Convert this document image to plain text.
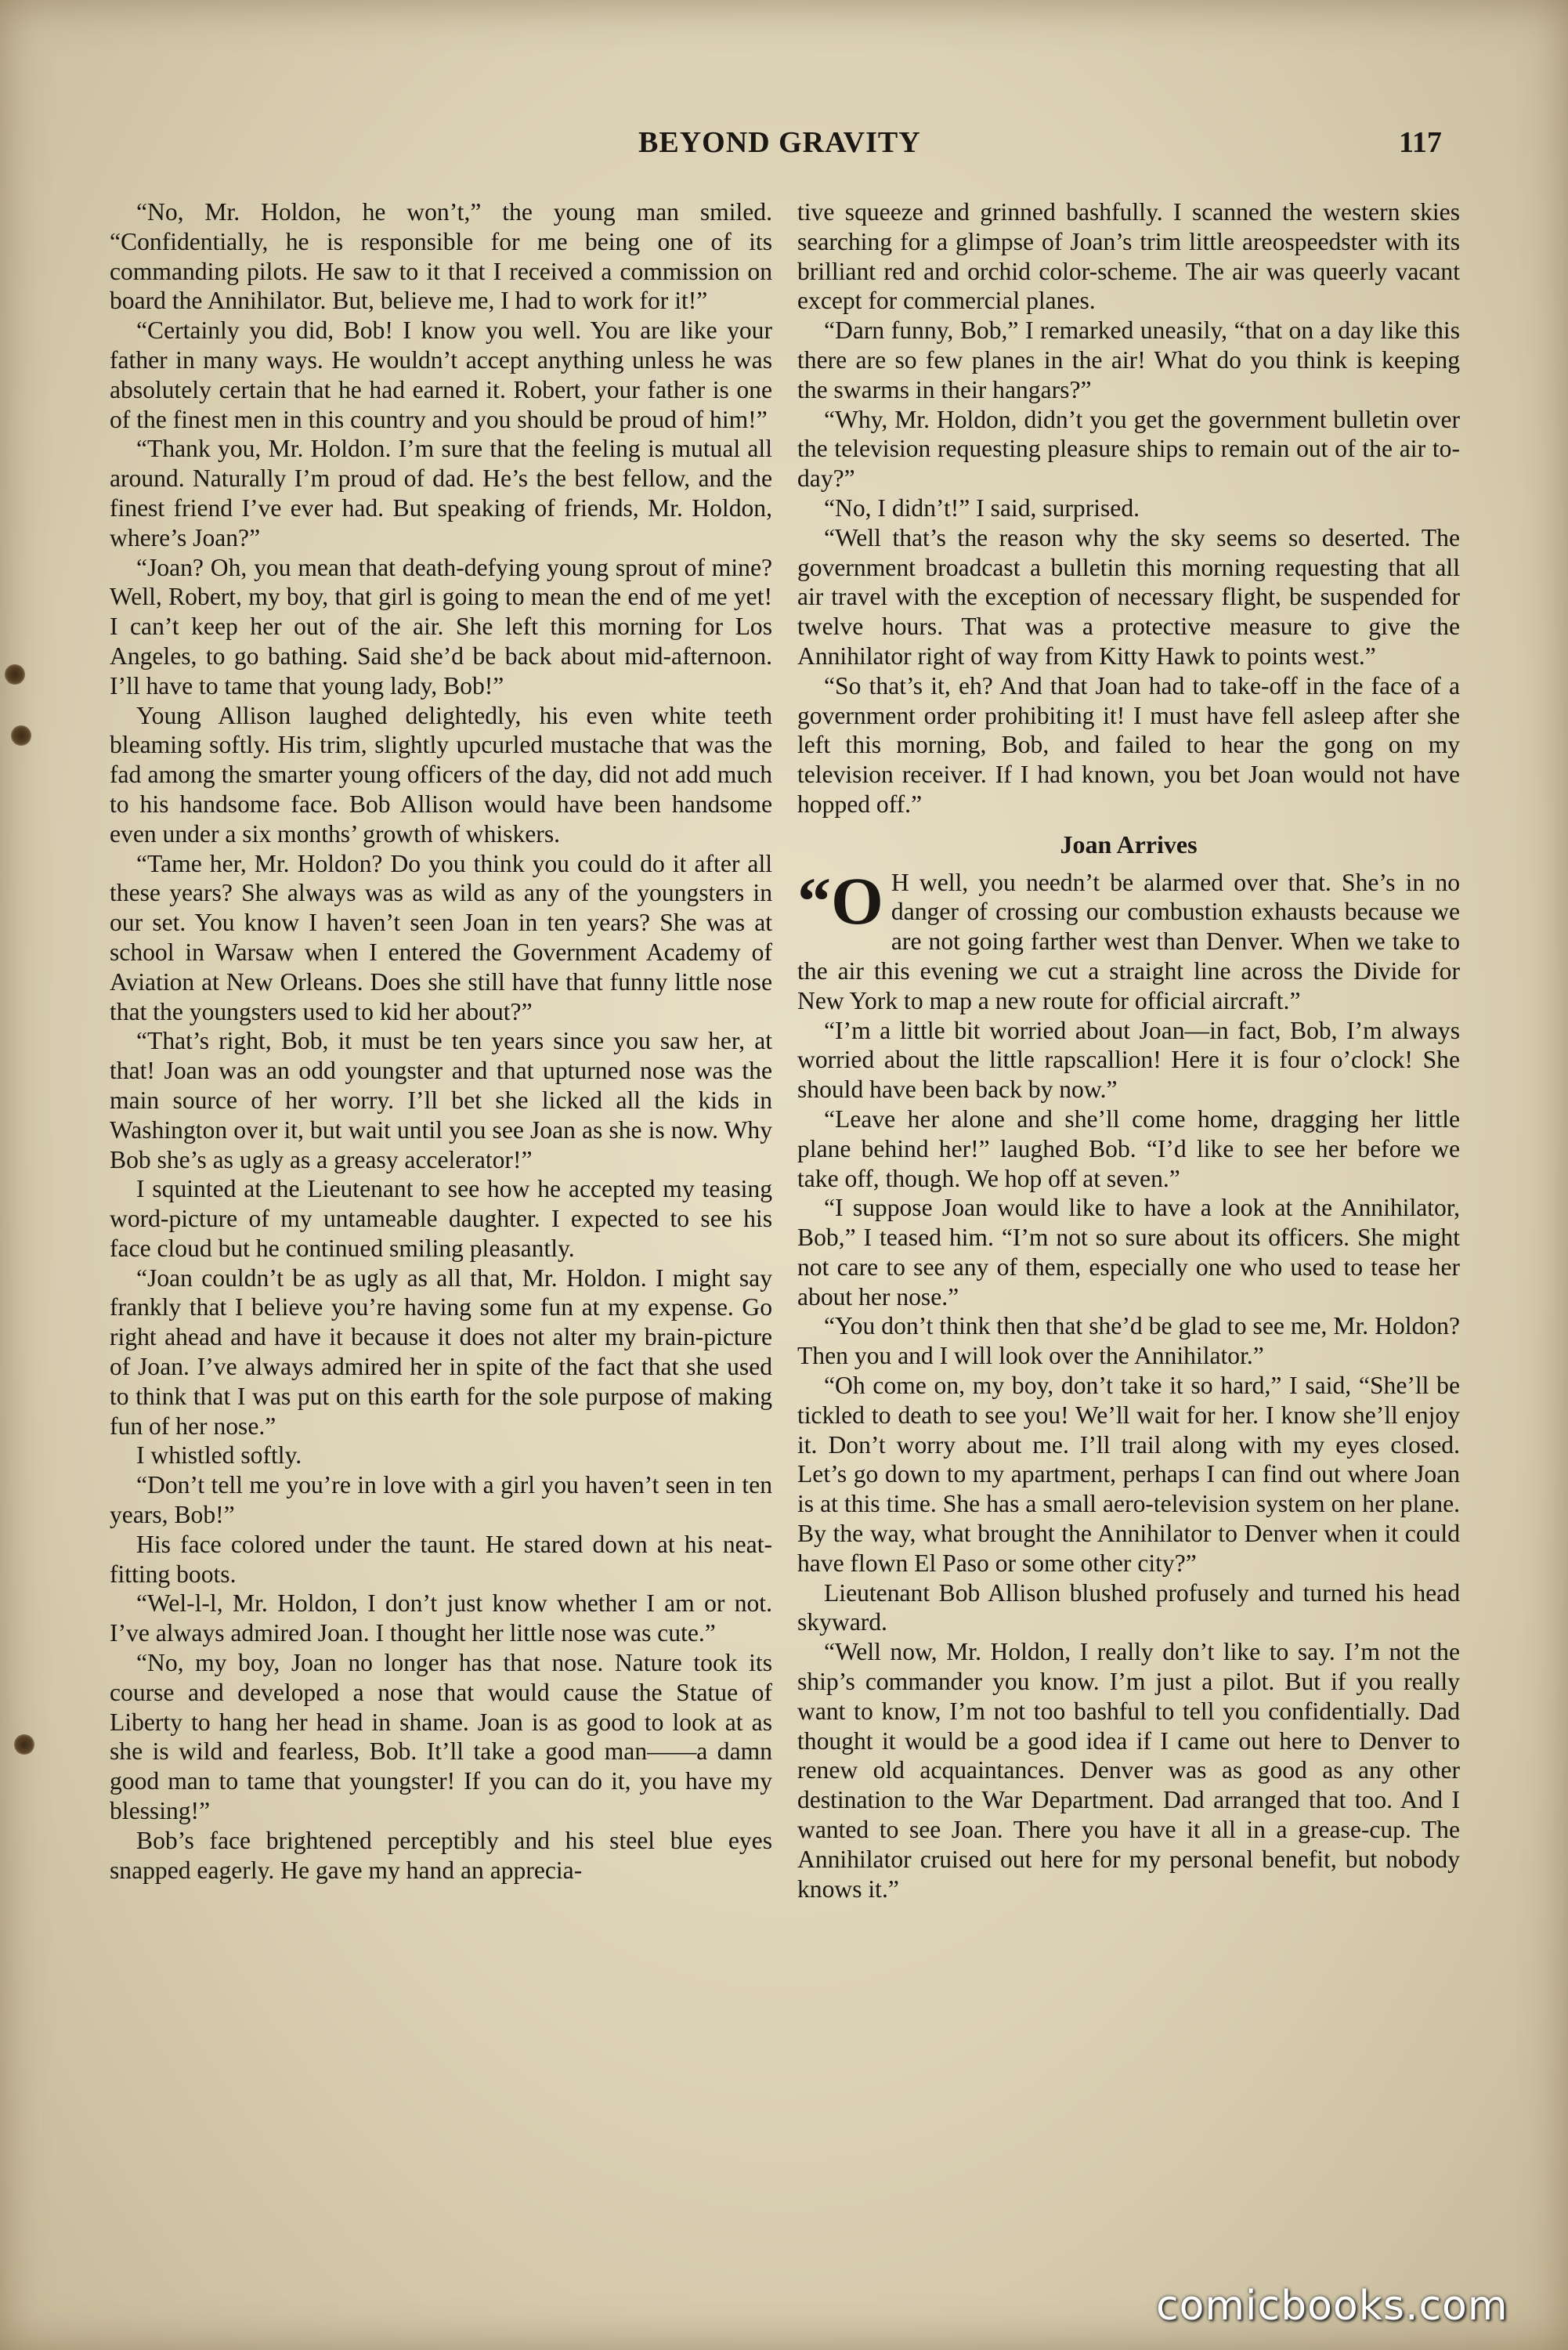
BEYOND GRAVITY	117

“No, Mr. Holdon, he won’t,” the young man smiled. “Confidentially, he is responsible for me being one of its commanding pilots. He saw to it that I received a commission on board the Annihilator. But, believe me, I had to work for it!”

“Certainly you did, Bob! I know you well. You are like your father in many ways. He wouldn’t accept anything unless he was absolutely certain that he had earned it. Robert, your father is one of the finest men in this country and you should be proud of him!”

“Thank you, Mr. Holdon. I’m sure that the feeling is mutual all around. Naturally I’m proud of dad. He’s the best fellow, and the finest friend I’ve ever had. But speaking of friends, Mr. Holdon, where’s Joan?”

“Joan? Oh, you mean that death-defying young sprout of mine? Well, Robert, my boy, that girl is going to mean the end of me yet! I can’t keep her out of the air. She left this morning for Los Angeles, to go bathing. Said she’d be back about mid-afternoon. I’ll have to tame that young lady, Bob!”

Young Allison laughed delightedly, his even white teeth bleaming softly. His trim, slightly upcurled mustache that was the fad among the smarter young officers of the day, did not add much to his handsome face. Bob Allison would have been handsome even under a six months’ growth of whiskers.

“Tame her, Mr. Holdon? Do you think you could do it after all these years? She always was as wild as any of the youngsters in our set. You know I haven’t seen Joan in ten years? She was at school in Warsaw when I entered the Government Academy of Aviation at New Orleans. Does she still have that funny little nose that the youngsters used to kid her about?”

“That’s right, Bob, it must be ten years since you saw her, at that! Joan was an odd youngster and that upturned nose was the main source of her worry. I’ll bet she licked all the kids in Washington over it, but wait until you see Joan as she is now. Why Bob she’s as ugly as a greasy accelerator!”

I squinted at the Lieutenant to see how he accepted my teasing word-picture of my untameable daughter. I expected to see his face cloud but he continued smiling pleasantly.

“Joan couldn’t be as ugly as all that, Mr. Holdon. I might say frankly that I believe you’re having some fun at my expense. Go right ahead and have it because it does not alter my brain-picture of Joan. I’ve always admired her in spite of the fact that she used to think that I was put on this earth for the sole purpose of making fun of her nose.”

I whistled softly.

“Don’t tell me you’re in love with a girl you haven’t seen in ten years, Bob!”

His face colored under the taunt. He stared down at his neat-fitting boots.

“Wel-l-l, Mr. Holdon, I don’t just know whether I am or not. I’ve always admired Joan. I thought her little nose was cute.”

“No, my boy, Joan no longer has that nose. Nature took its course and developed a nose that would cause the Statue of Liberty to hang her head in shame. Joan is as good to look at as she is wild and fearless, Bob. It’ll take a good man——a damn good man to tame that youngster! If you can do it, you have my blessing!”

Bob’s face brightened perceptibly and his steel blue eyes snapped eagerly. He gave my hand an apprecia-

tive squeeze and grinned bashfully. I scanned the western skies searching for a glimpse of Joan’s trim little areospeedster with its brilliant red and orchid color-scheme. The air was queerly vacant except for commercial planes.

“Darn funny, Bob,” I remarked uneasily, “that on a day like this there are so few planes in the air! What do you think is keeping the swarms in their hangars?”

“Why, Mr. Holdon, didn’t you get the government bulletin over the television requesting pleasure ships to remain out of the air to-day?”

“No, I didn’t!” I said, surprised.

“Well that’s the reason why the sky seems so deserted. The government broadcast a bulletin this morning requesting that all air travel with the exception of necessary flight, be suspended for twelve hours. That was a protective measure to give the Annihilator right of way from Kitty Hawk to points west.”

“So that’s it, eh? And that Joan had to take-off in the face of a government order prohibiting it! I must have fell asleep after she left this morning, Bob, and failed to hear the gong on my television receiver. If I had known, you bet Joan would not have hopped off.”

Joan Arrives

“O H well, you needn’t be alarmed over that. She’s in no danger of crossing our combustion exhausts because we are not going farther west than Denver. When we take to the air this evening we cut a straight line across the Divide for New York to map a new route for official aircraft.”

“I’m a little bit worried about Joan—in fact, Bob, I’m always worried about the little rapscallion! Here it is four o’clock! She should have been back by now.”

“Leave her alone and she’ll come home, dragging her little plane behind her!” laughed Bob. “I’d like to see her before we take off, though. We hop off at seven.”

“I suppose Joan would like to have a look at the Annihilator, Bob,” I teased him. “I’m not so sure about its officers. She might not care to see any of them, especially one who used to tease her about her nose.”

“You don’t think then that she’d be glad to see me, Mr. Holdon? Then you and I will look over the Annihilator.”

“Oh come on, my boy, don’t take it so hard,” I said, “She’ll be tickled to death to see you! We’ll wait for her. I know she’ll enjoy it. Don’t worry about me. I’ll trail along with my eyes closed. Let’s go down to my apartment, perhaps I can find out where Joan is at this time. She has a small aero-television system on her plane. By the way, what brought the Annihilator to Denver when it could have flown El Paso or some other city?”

Lieutenant Bob Allison blushed profusely and turned his head skyward.

“Well now, Mr. Holdon, I really don’t like to say. I’m not the ship’s commander you know. I’m just a pilot. But if you really want to know, I’m not too bashful to tell you confidentially. Dad thought it would be a good idea if I came out here to Denver to renew old acquaintances. Denver was as good as any other destination to the War Department. Dad arranged that too. And I wanted to see Joan. There you have it all in a grease-cup. The Annihilator cruised out here for my personal benefit, but nobody knows it.”

comicbooks.com
